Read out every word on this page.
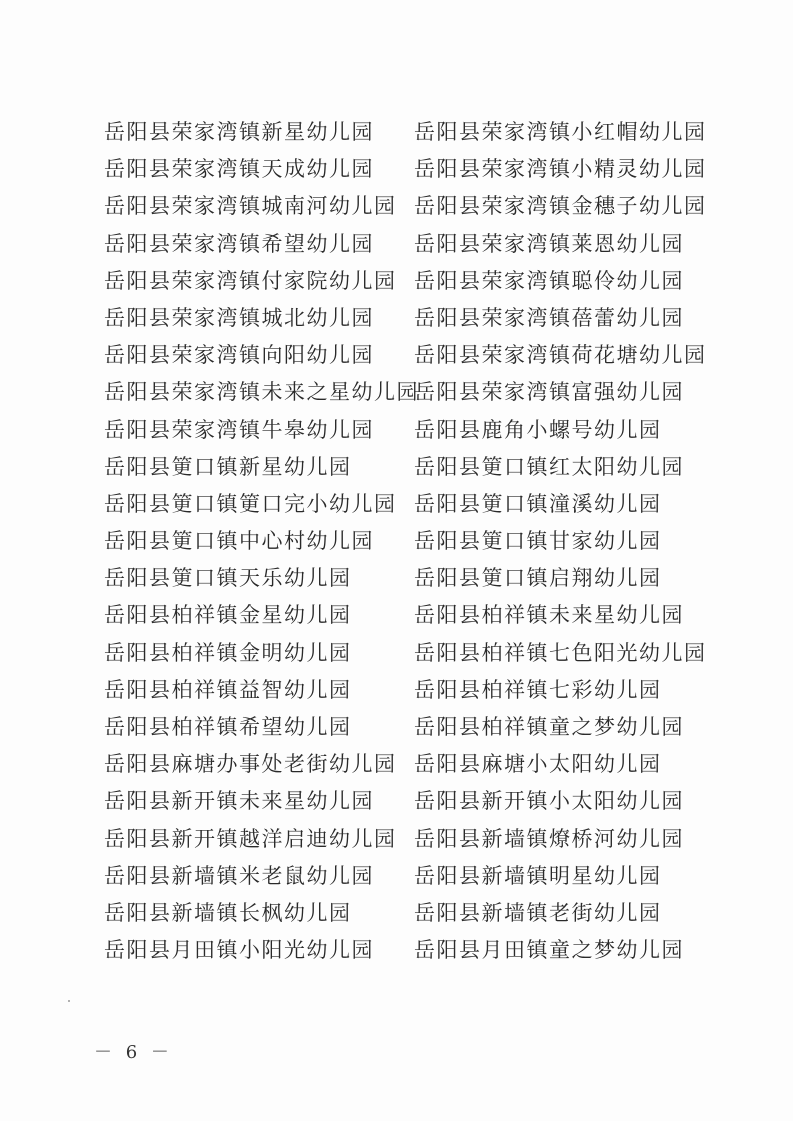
岳阳县荣家湾镇新星幼儿园
岳阳县荣家湾镇天成幼儿园
岳阳县荣家湾镇城南河幼儿园
岳阳县荣家湾镇希望幼儿园
岳阳县荣家湾镇付家院幼儿园
岳阳县荣家湾镇城北幼儿园
岳阳县荣家湾镇向阳幼儿园
岳阳县荣家湾镇未来之星幼儿园
岳阳县荣家湾镇牛皋幼儿园
岳阳县筻口镇新星幼儿园
岳阳县筻口镇筻口完小幼儿园
岳阳县筻口镇中心村幼儿园
岳阳县筻口镇天乐幼儿园
岳阳县柏祥镇金星幼儿园
岳阳县柏祥镇金明幼儿园
岳阳县柏祥镇益智幼儿园
岳阳县柏祥镇希望幼儿园
岳阳县麻塘办事处老街幼儿园
岳阳县新开镇未来星幼儿园
岳阳县新开镇越洋启迪幼儿园
岳阳县新墙镇米老鼠幼儿园
岳阳县新墙镇长枫幼儿园
岳阳县月田镇小阳光幼儿园
岳阳县荣家湾镇小红帽幼儿园
岳阳县荣家湾镇小精灵幼儿园
岳阳县荣家湾镇金穗子幼儿园
岳阳县荣家湾镇莱恩幼儿园
岳阳县荣家湾镇聪伶幼儿园
岳阳县荣家湾镇蓓蕾幼儿园
岳阳县荣家湾镇荷花塘幼儿园
岳阳县荣家湾镇富强幼儿园
岳阳县鹿角小螺号幼儿园
岳阳县筻口镇红太阳幼儿园
岳阳县筻口镇潼溪幼儿园
岳阳县筻口镇甘家幼儿园
岳阳县筻口镇启翔幼儿园
岳阳县柏祥镇未来星幼儿园
岳阳县柏祥镇七色阳光幼儿园
岳阳县柏祥镇七彩幼儿园
岳阳县柏祥镇童之梦幼儿园
岳阳县麻塘小太阳幼儿园
岳阳县新开镇小太阳幼儿园
岳阳县新墙镇燎桥河幼儿园
岳阳县新墙镇明星幼儿园
岳阳县新墙镇老街幼儿园
岳阳县月田镇童之梦幼儿园
－ 6 －
